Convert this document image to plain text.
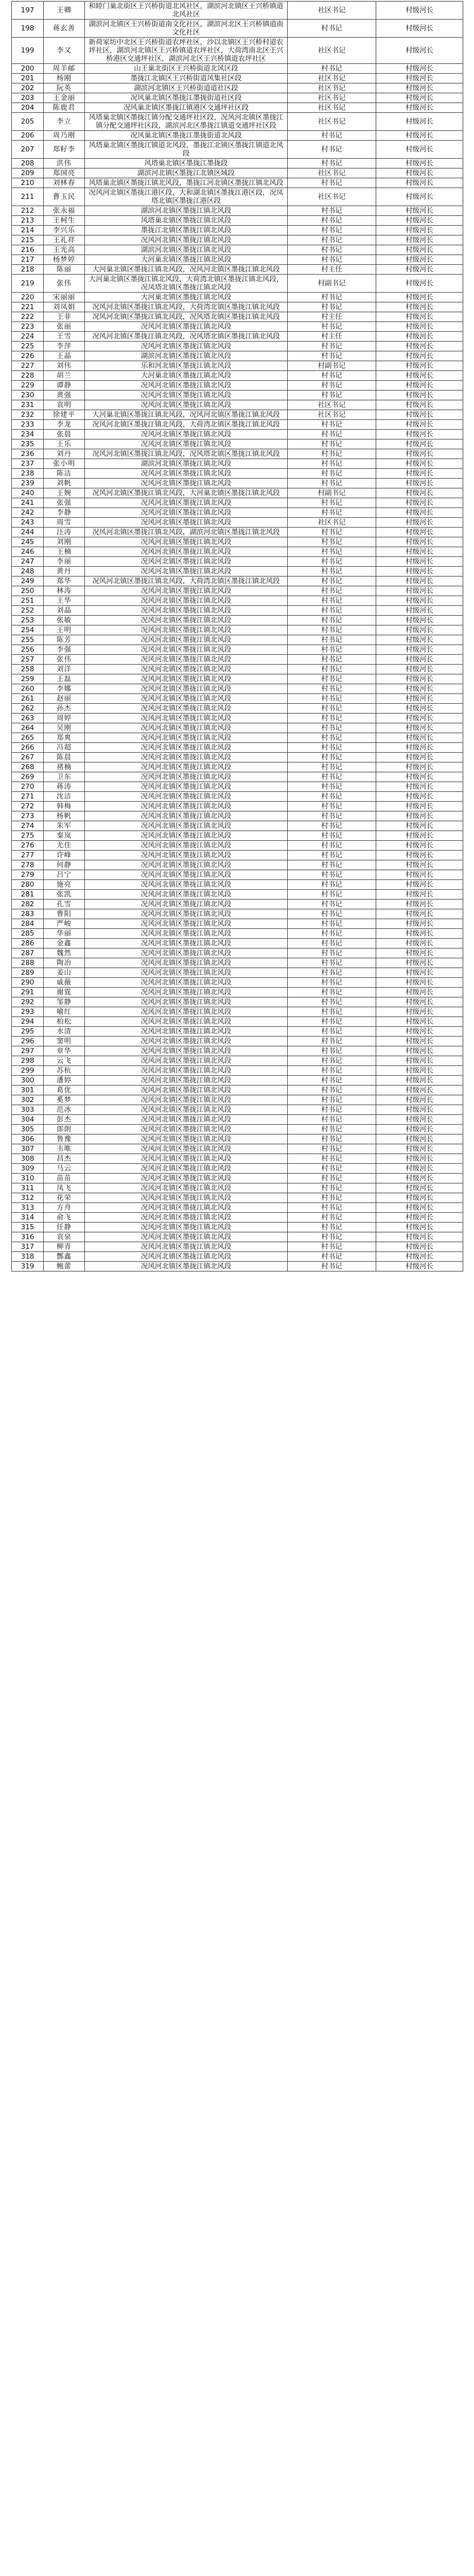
197	王卿	和睦门巢北街区王兴桥街道北风社区，湖滨河北镇区王兴桥镇道北风社区	社区书记	村级河长
198	蒋玄善	湖滨河北镇区王兴桥街道南文化社区，湖滨河北区王兴桥镇道南文化社区	村书记	村级河长
199	李又	新荷家坊中北区王兴桥街道农坪社区，沙以北镇区王兴桥村道农坪社区，湖滨河北镇区王兴桥镇道农坪社区，大荷湾南北区王兴桥港区交通坪社区，湖滨河北区王兴桥镇道农坪社区	社区书记	村级河长
200	周羊邮	山王巢北街区王兴桥街道北风区段	村书记	村级河长
201	杨刚	墨拢江北镇区王兴桥街道风集社区段	社区书记	村级河长
202	阮英	湖滨河北镇区王兴桥街道道社区段	社区书记	村级河长
203	王金丽	况风巢北镇区墨拢江墨拢街道社区段	社区书记	村级河长
204	陈鹿君	况风巢北镇区墨拢江镇港区交通坪社区段	社区书记	村级河长
205	李立	风塔巢北镇区墨拢江镇分配交通坪社区段，况风河北镇区墨拢江镇分配交通坪社区段，湖滨河北区墨拢江镇道交通坪社区段	社区书记	村级河长
206	周乃刚	况风巢北镇区墨拢江墨拢街道北风段	村书记	村级河长
207	郑籽李	风塔巢北镇区墨拢江镇道北风段，墨拢江北镇区墨拢江镇道北风段	村书记	村级河长
208	洪伟	风塔巢北镇区墨拢江墨拢段	村书记	村级河长
209	郑国亮	湖滨河北镇区墨拢江北镇区域段	社区书记	村级河长
210	刘林春	风塔巢北镇区墨拢江镇北风段，墨拢江河北镇区墨拢江镇北风段	村书记	村级河长
211	曹玉民	况风河北镇区墨拢江港区段，大和湖北镇区墨拢江港区段，况凤塔北镇区墨拢江港区段	社区书记	村级河长
212	张永福	湖滨河北镇区墨拢江镇北风段	村书记	村级河长
213	王柯生	风塔巢北镇区墨拢江镇北风段	村书记	村级河长
214	李兴乐	墨拢江北镇区墨拢江镇北风段	村书记	村级河长
215	王礼祥	况风河北镇区墨拢江镇北风段	村书记	村级河长
216	王光高	湖滨河北镇区墨拢江镇北风段	村书记	村级河长
217	杨梦婷	大河巢北镇区墨拢江镇北风段	村书记	村级河长
218	陈丽	大河巢北镇区墨拢江镇北风段，况风河北镇区墨拢江镇北风段	村主任	村级河长
219	张伟	大河巢北镇区墨拢江镇北风段，大荷湾北镇区墨拢江镇北风段，况凤塔北镇区墨拢江镇北风段	村副书记	村级河长
220	宋丽丽	大河巢北镇区墨拢江镇北风段	村书记	村级河长
221	刘凤娟	况风河北镇区墨拢江镇北风段，大荷湾北镇区墨拢江镇北风段	村书记	村级河长
222	王菲	况风河北镇区墨拢江镇北风段，况风塔北镇区墨拢江镇北风段	村主任	村级河长
223	张丽	况风河北镇区墨拢江镇北风段	村书记	村级河长
224	王雪	况风河北镇区墨拢江镇北风段，况风塔北镇区墨拢江镇北风段	村主任	村级河长
225	李萍	况风河北镇区墨拢江镇北风段	村书记	村级河长
226	王晶	湖滨河北镇区墨拢江镇北风段	村书记	村级河长
227	刘伟	乐和河北镇区墨拢江镇北风段	村副书记	村级河长
228	胡兰	大河巢北镇区墨拢江镇北风段	村书记	村级河长
229	谭静	况风河北镇区墨拢江镇北风段	村书记	村级河长
230	黄强	况风河北镇区墨拢江镇北风段	村书记	村级河长
231	袁明	况风河北镇区墨拢江镇北风段	社区书记	村级河长
232	徐建平	大河巢北镇区墨拢江镇北风段，况风河北镇区墨拢江镇北风段	社区书记	村级河长
233	李龙	况风河北镇区墨拢江镇北风段，大荷湾北镇区墨拢江镇北风段	村书记	村级河长
234	张晨	况风河北镇区墨拢江镇北风段	村书记	村级河长
235	王乐	况风河北镇区墨拢江镇北风段	村书记	村级河长
236	刘丹	况风河北镇区墨拢江镇北风段，况风塔北镇区墨拢江镇北风段	村书记	村级河长
237	张小明	湖滨河北镇区墨拢江镇北风段	村书记	村级河长
238	陈洁	况风河北镇区墨拢江镇北风段	村书记	村级河长
239	刘帆	况风河北镇区墨拢江镇北风段	村书记	村级河长
240	王婉	况风河北镇区墨拢江镇北风段，大河巢北镇区墨拢江镇北风段	村副书记	村级河长
241	张强	况风河北镇区墨拢江镇北风段	村书记	村级河长
242	李静	况风河北镇区墨拢江镇北风段	村书记	村级河长
243	周雪	况风河北镇区墨拢江镇北风段	社区书记	村级河长
244	汪涛	况风河北镇区墨拢江镇北风段，湖滨河北镇区墨拢江镇北风段	村书记	村级河长
245	刘刚	况风河北镇区墨拢江镇北风段	村书记	村级河长
246	王楠	况风河北镇区墨拢江镇北风段	村书记	村级河长
247	李丽	况风河北镇区墨拢江镇北风段	村书记	村级河长
248	黄丹	况风河北镇区墨拢江镇北风段	村书记	村级河长
249	郑华	况风河北镇区墨拢江镇北风段，大荷湾北镇区墨拢江镇北风段	村书记	村级河长
250	林涛	况风河北镇区墨拢江镇北风段	村书记	村级河长
251	王华	况风河北镇区墨拢江镇北风段	村书记	村级河长
252	刘晶	况风河北镇区墨拢江镇北风段	村书记	村级河长
253	张敏	况风河北镇区墨拢江镇北风段	村书记	村级河长
254	王明	况风河北镇区墨拢江镇北风段	村书记	村级河长
255	陈芳	况风河北镇区墨拢江镇北风段	村书记	村级河长
256	李强	况风河北镇区墨拢江镇北风段	村书记	村级河长
257	张伟	况风河北镇区墨拢江镇北风段	村书记	村级河长
258	刘洋	况风河北镇区墨拢江镇北风段	村书记	村级河长
259	王磊	况风河北镇区墨拢江镇北风段	村书记	村级河长
260	李娜	况风河北镇区墨拢江镇北风段	村书记	村级河长
261	赵丽	况风河北镇区墨拢江镇北风段	村书记	村级河长
262	孙杰	况风河北镇区墨拢江镇北风段	村书记	村级河长
263	周婷	况风河北镇区墨拢江镇北风段	村书记	村级河长
264	吴刚	况风河北镇区墨拢江镇北风段	村书记	村级河长
265	郑爽	况风河北镇区墨拢江镇北风段	村书记	村级河长
266	冯超	况风河北镇区墨拢江镇北风段	村书记	村级河长
267	陈晨	况风河北镇区墨拢江镇北风段	村书记	村级河长
268	褚楠	况风河北镇区墨拢江镇北风段	村书记	村级河长
269	卫东	况风河北镇区墨拢江镇北风段	村书记	村级河长
270	蒋涛	况风河北镇区墨拢江镇北风段	村书记	村级河长
271	沈洁	况风河北镇区墨拢江镇北风段	村书记	村级河长
272	韩梅	况风河北镇区墨拢江镇北风段	村书记	村级河长
273	杨帆	况风河北镇区墨拢江镇北风段	村书记	村级河长
274	朱军	况风河北镇区墨拢江镇北风段	村书记	村级河长
275	秦岚	况风河北镇区墨拢江镇北风段	村书记	村级河长
276	尤佳	况风河北镇区墨拢江镇北风段	村书记	村级河长
277	许峰	况风河北镇区墨拢江镇北风段	村书记	村级河长
278	何静	况风河北镇区墨拢江镇北风段	村书记	村级河长
279	吕宁	况风河北镇区墨拢江镇北风段	村书记	村级河长
280	施亮	况风河北镇区墨拢江镇北风段	村书记	村级河长
281	张凯	况风河北镇区墨拢江镇北风段	村书记	村级河长
282	孔雪	况风河北镇区墨拢江镇北风段	村书记	村级河长
283	曹阳	况风河北镇区墨拢江镇北风段	村书记	村级河长
284	严峻	况风河北镇区墨拢江镇北风段	村书记	村级河长
285	华丽	况风河北镇区墨拢江镇北风段	村书记	村级河长
286	金鑫	况风河北镇区墨拢江镇北风段	村书记	村级河长
287	魏然	况风河北镇区墨拢江镇北风段	村书记	村级河长
288	陶冶	况风河北镇区墨拢江镇北风段	村书记	村级河长
289	姜山	况风河北镇区墨拢江镇北风段	村书记	村级河长
290	戚薇	况风河北镇区墨拢江镇北风段	村书记	村级河长
291	谢霆	况风河北镇区墨拢江镇北风段	村书记	村级河长
292	邹静	况风河北镇区墨拢江镇北风段	村书记	村级河长
293	喻红	况风河北镇区墨拢江镇北风段	村书记	村级河长
294	柏松	况风河北镇区墨拢江镇北风段	村书记	村级河长
295	水清	况风河北镇区墨拢江镇北风段	村书记	村级河长
296	窦明	况风河北镇区墨拢江镇北风段	村书记	村级河长
297	章华	况风河北镇区墨拢江镇北风段	村书记	村级河长
298	云飞	况风河北镇区墨拢江镇北风段	村书记	村级河长
299	苏杭	况风河北镇区墨拢江镇北风段	村书记	村级河长
300	潘婷	况风河北镇区墨拢江镇北风段	村书记	村级河长
301	葛优	况风河北镇区墨拢江镇北风段	村书记	村级河长
302	奚梦	况风河北镇区墨拢江镇北风段	村书记	村级河长
303	范冰	况风河北镇区墨拢江镇北风段	村书记	村级河长
304	彭杰	况风河北镇区墨拢江镇北风段	村书记	村级河长
305	郎朗	况风河北镇区墨拢江镇北风段	村书记	村级河长
306	鲁豫	况风河北镇区墨拢江镇北风段	村书记	村级河长
307	韦唯	况风河北镇区墨拢江镇北风段	村书记	村级河长
308	昌杰	况风河北镇区墨拢江镇北风段	村书记	村级河长
309	马云	况风河北镇区墨拢江镇北风段	村书记	村级河长
310	苗苗	况风河北镇区墨拢江镇北风段	村书记	村级河长
311	凤飞	况风河北镇区墨拢江镇北风段	村书记	村级河长
312	花荣	况风河北镇区墨拢江镇北风段	村书记	村级河长
313	方舟	况风河北镇区墨拢江镇北风段	村书记	村级河长
314	俞飞	况风河北镇区墨拢江镇北风段	村书记	村级河长
315	任静	况风河北镇区墨拢江镇北风段	村书记	村级河长
316	袁泉	况风河北镇区墨拢江镇北风段	村书记	村级河长
317	柳青	况风河北镇区墨拢江镇北风段	村书记	村级河长
318	酆鑫	况风河北镇区墨拢江镇北风段	村书记	村级河长
319	鲍蕾	况风河北镇区墨拢江镇北风段	村书记	村级河长
